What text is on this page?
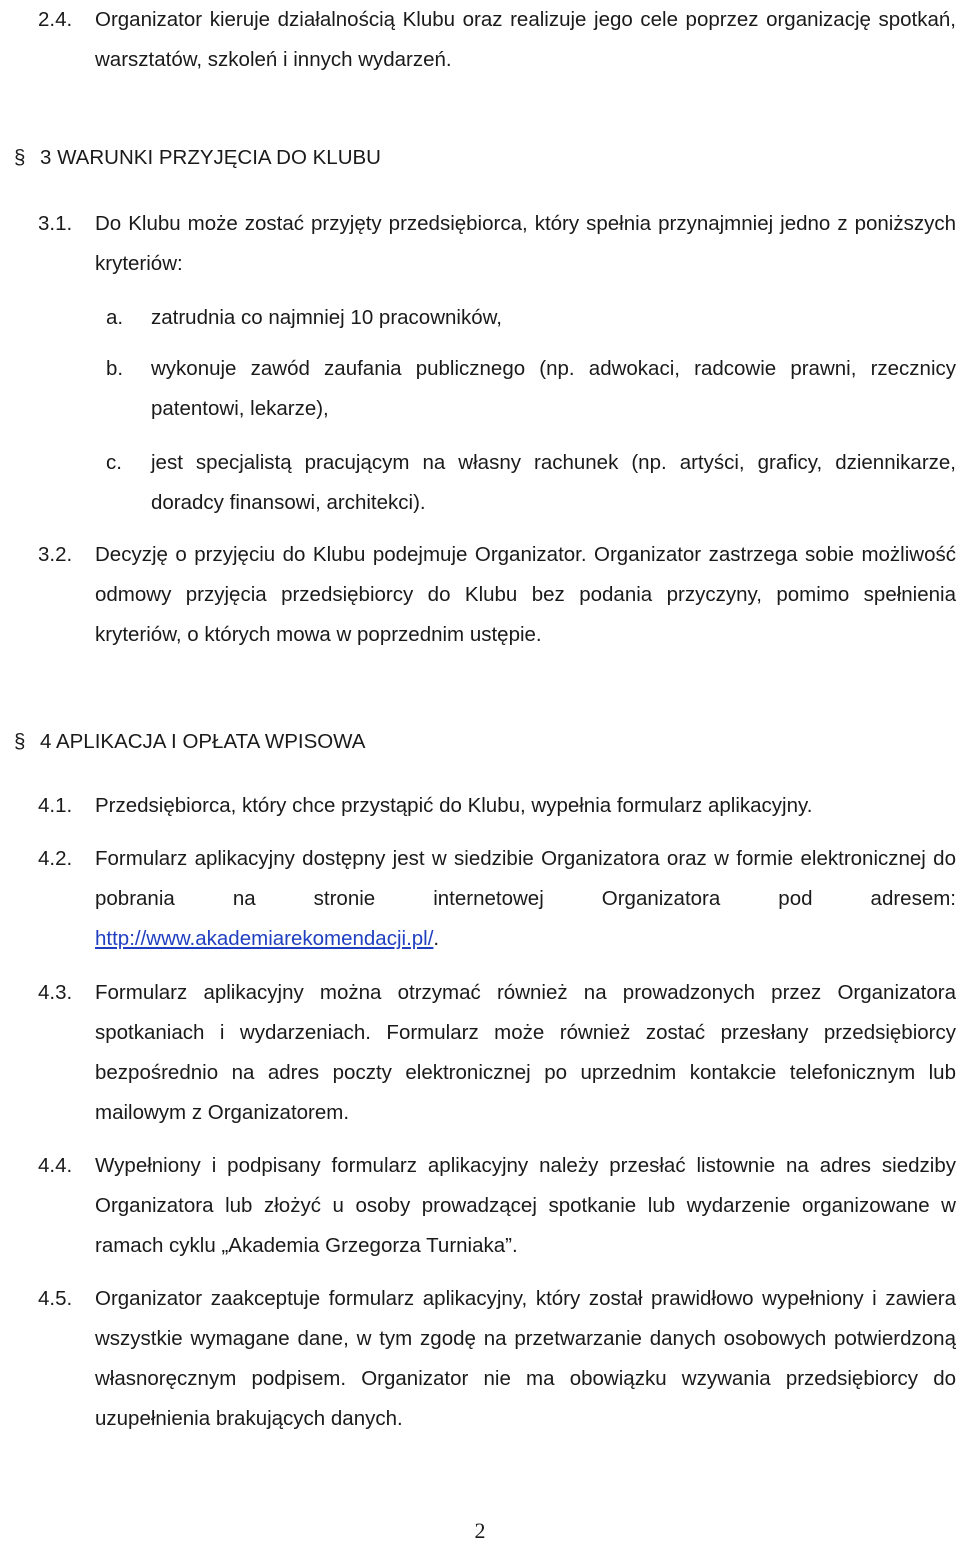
2.4.	Organizator kieruje działalnością Klubu oraz realizuje jego cele poprzez organizację spotkań, warsztatów, szkoleń i innych wydarzeń.
§ 3 WARUNKI PRZYJĘCIA DO KLUBU
3.1.	Do Klubu może zostać przyjęty przedsiębiorca, który spełnia przynajmniej jedno z poniższych kryteriów:
a.	zatrudnia co najmniej 10 pracowników,
b.	wykonuje zawód zaufania publicznego (np. adwokaci, radcowie prawni, rzecznicy patentowi, lekarze),
c.	jest specjalistą pracującym na własny rachunek (np. artyści, graficy, dziennikarze, doradcy finansowi, architekci).
3.2.	Decyzję o przyjęciu do Klubu podejmuje Organizator. Organizator zastrzega sobie możliwość odmowy przyjęcia przedsiębiorcy do Klubu bez podania przyczyny, pomimo spełnienia kryteriów, o których mowa w poprzednim ustępie.
§ 4 APLIKACJA I OPŁATA WPISOWA
4.1.	Przedsiębiorca, który chce przystąpić do Klubu, wypełnia formularz aplikacyjny.
4.2.	Formularz aplikacyjny dostępny jest w siedzibie Organizatora oraz w formie elektronicznej do pobrania na stronie internetowej Organizatora pod adresem: http://www.akademiarekomendacji.pl/.
4.3.	Formularz aplikacyjny można otrzymać również na prowadzonych przez Organizatora spotkaniach i wydarzeniach. Formularz może również zostać przesłany przedsiębiorcy bezpośrednio na adres poczty elektronicznej po uprzednim kontakcie telefonicznym lub mailowym z Organizatorem.
4.4.	Wypełniony i podpisany formularz aplikacyjny należy przesłać listownie na adres siedziby Organizatora lub złożyć u osoby prowadzącej spotkanie lub wydarzenie organizowane w ramach cyklu „Akademia Grzegorza Turniaka”.
4.5.	Organizator zaakceptuje formularz aplikacyjny, który został prawidłowo wypełniony i zawiera wszystkie wymagane dane, w tym zgodę na przetwarzanie danych osobowych potwierdzoną własnoręcznym podpisem. Organizator nie ma obowiązku wzywania przedsiębiorcy do uzupełnienia brakujących danych.
2
